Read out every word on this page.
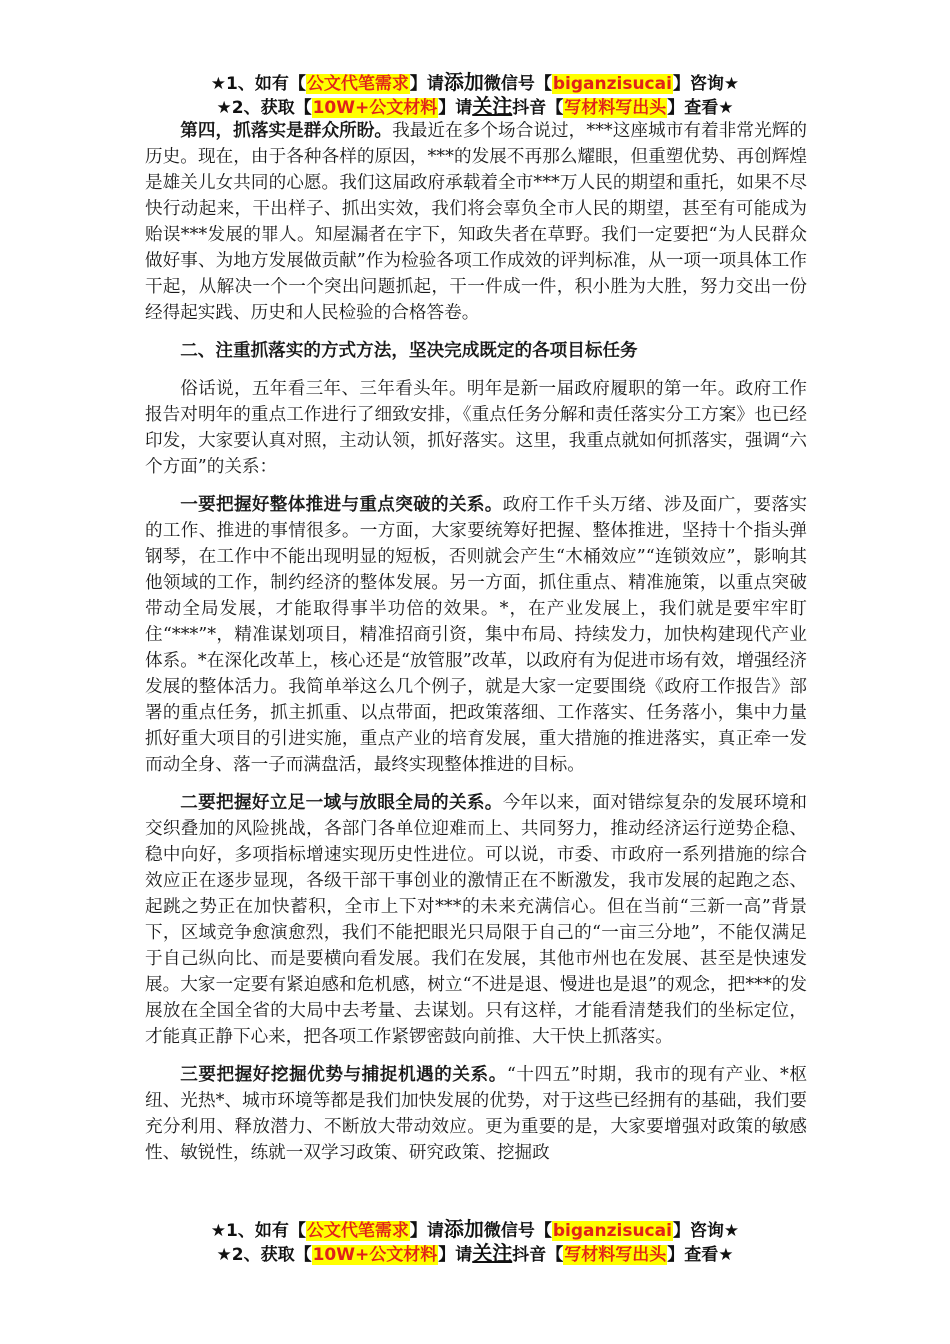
★1、如有【公文代笔需求】请添加微信号【biganzisucai】咨询★
★2、获取【10W+公文材料】请关注抖音【写材料写出头】查看★

第四，抓落实是群众所盼。我最近在多个场合说过，***这座城市有着非常光辉的历史。现在，由于各种各样的原因，***的发展不再那么耀眼，但重塑优势、再创辉煌是雄关儿女共同的心愿。我们这届政府承载着全市***万人民的期望和重托，如果不尽快行动起来，干出样子、抓出实效，我们将会辜负全市人民的期望，甚至有可能成为贻误***发展的罪人。知屋漏者在宇下，知政失者在草野。我们一定要把“为人民群众做好事、为地方发展做贡献”作为检验各项工作成效的评判标准，从一项一项具体工作干起，从解决一个一个突出问题抓起，干一件成一件，积小胜为大胜，努力交出一份经得起实践、历史和人民检验的合格答卷。

二、注重抓落实的方式方法，坚决完成既定的各项目标任务

俗话说，五年看三年、三年看头年。明年是新一届政府履职的第一年。政府工作报告对明年的重点工作进行了细致安排，《重点任务分解和责任落实分工方案》也已经印发，大家要认真对照，主动认领，抓好落实。这里，我重点就如何抓落实，强调“六个方面”的关系：

一要把握好整体推进与重点突破的关系。政府工作千头万绪、涉及面广，要落实的工作、推进的事情很多。一方面，大家要统筹好把握、整体推进，坚持十个指头弹钢琴，在工作中不能出现明显的短板，否则就会产生“木桶效应”“连锁效应”，影响其他领域的工作，制约经济的整体发展。另一方面，抓住重点、精准施策，以重点突破带动全局发展，才能取得事半功倍的效果。*，在产业发展上，我们就是要牢牢盯住“***”*，精准谋划项目，精准招商引资，集中布局、持续发力，加快构建现代产业体系。*在深化改革上，核心还是“放管服”改革，以政府有为促进市场有效，增强经济发展的整体活力。我简单举这么几个例子，就是大家一定要围绕《政府工作报告》部署的重点任务，抓主抓重、以点带面，把政策落细、工作落实、任务落小，集中力量抓好重大项目的引进实施，重点产业的培育发展，重大措施的推进落实，真正牵一发而动全身、落一子而满盘活，最终实现整体推进的目标。

二要把握好立足一域与放眼全局的关系。今年以来，面对错综复杂的发展环境和交织叠加的风险挑战，各部门各单位迎难而上、共同努力，推动经济运行逆势企稳、稳中向好，多项指标增速实现历史性进位。可以说，市委、市政府一系列措施的综合效应正在逐步显现，各级干部干事创业的激情正在不断激发，我市发展的起跑之态、起跳之势正在加快蓄积，全市上下对***的未来充满信心。但在当前“三新一高”背景下，区域竞争愈演愈烈，我们不能把眼光只局限于自己的“一亩三分地”，不能仅满足于自己纵向比、而是要横向看发展。我们在发展，其他市州也在发展、甚至是快速发展。大家一定要有紧迫感和危机感，树立“不进是退、慢进也是退”的观念，把***的发展放在全国全省的大局中去考量、去谋划。只有这样，才能看清楚我们的坐标定位，才能真正静下心来，把各项工作紧锣密鼓向前推、大干快上抓落实。

三要把握好挖掘优势与捕捉机遇的关系。“十四五”时期，我市的现有产业、*枢纽、光热*、城市环境等都是我们加快发展的优势，对于这些已经拥有的基础，我们要充分利用、释放潜力、不断放大带动效应。更为重要的是，大家要增强对政策的敏感性、敏锐性，练就一双学习政策、研究政策、挖掘政

★1、如有【公文代笔需求】请添加微信号【biganzisucai】咨询★
★2、获取【10W+公文材料】请关注抖音【写材料写出头】查看★
